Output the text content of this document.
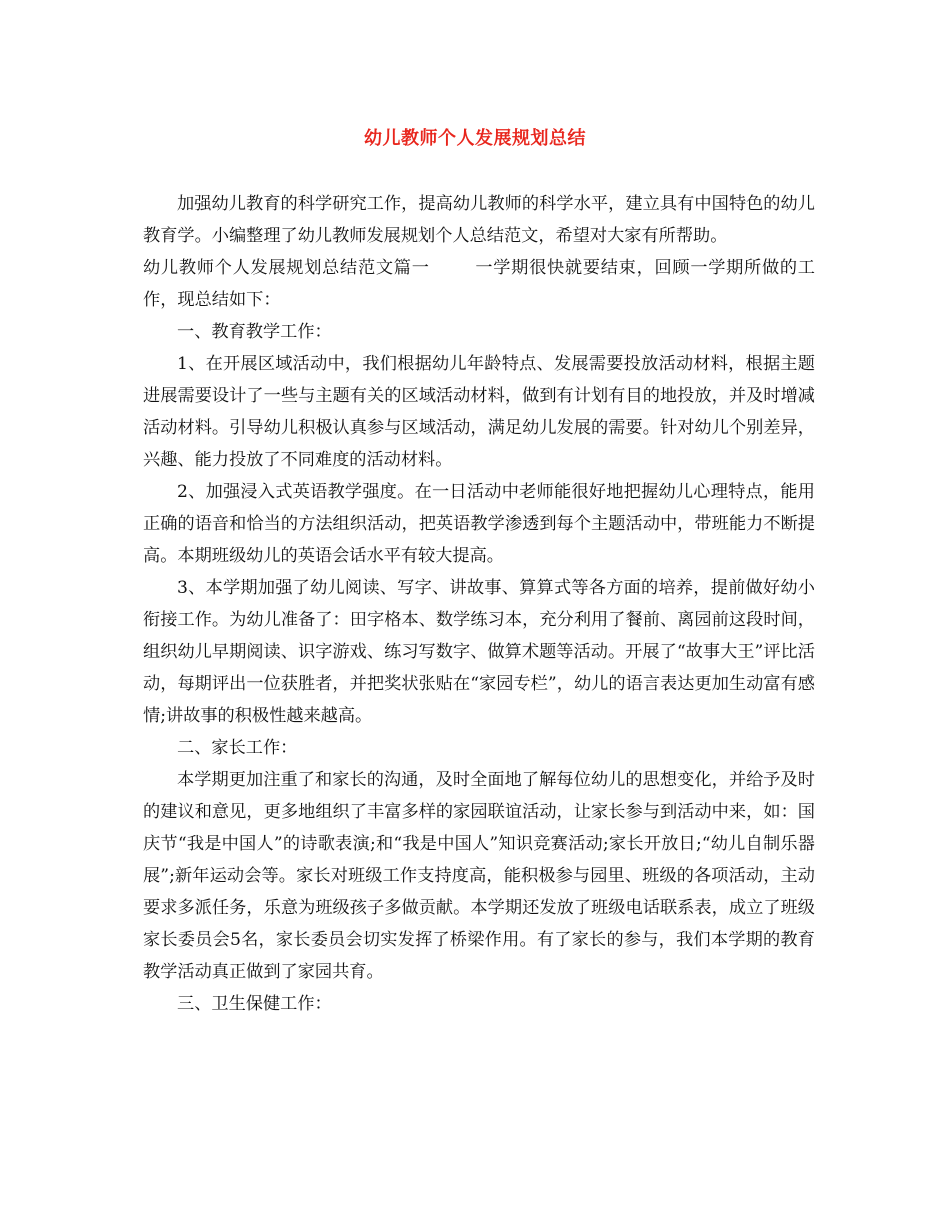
幼儿教师个人发展规划总结

加强幼儿教育的科学研究工作，提高幼儿教师的科学水平，建立具有中国特色的幼儿教育学。小编整理了幼儿教师发展规划个人总结范文，希望对大家有所帮助。

幼儿教师个人发展规划总结范文篇一	一学期很快就要结束，回顾一学期所做的工作，现总结如下：

一、教育教学工作：

1、在开展区域活动中，我们根据幼儿年龄特点、发展需要投放活动材料，根据主题进展需要设计了一些与主题有关的区域活动材料，做到有计划有目的地投放，并及时增减活动材料。引导幼儿积极认真参与区域活动，满足幼儿发展的需要。针对幼儿个别差异，兴趣、能力投放了不同难度的活动材料。

2、加强浸入式英语教学强度。在一日活动中老师能很好地把握幼儿心理特点，能用正确的语音和恰当的方法组织活动，把英语教学渗透到每个主题活动中，带班能力不断提高。本期班级幼儿的英语会话水平有较大提高。

3、本学期加强了幼儿阅读、写字、讲故事、算算式等各方面的培养，提前做好幼小衔接工作。为幼儿准备了：田字格本、数学练习本，充分利用了餐前、离园前这段时间，组织幼儿早期阅读、识字游戏、练习写数字、做算术题等活动。开展了“故事大王”评比活动，每期评出一位获胜者，并把奖状张贴在“家园专栏”，幼儿的语言表达更加生动富有感情;讲故事的积极性越来越高。

二、家长工作：

本学期更加注重了和家长的沟通，及时全面地了解每位幼儿的思想变化，并给予及时的建议和意见，更多地组织了丰富多样的家园联谊活动，让家长参与到活动中来，如：国庆节“我是中国人”的诗歌表演;和“我是中国人”知识竞赛活动;家长开放日;“幼儿自制乐器展”;新年运动会等。家长对班级工作支持度高，能积极参与园里、班级的各项活动，主动要求多派任务，乐意为班级孩子多做贡献。本学期还发放了班级电话联系表，成立了班级家长委员会5名，家长委员会切实发挥了桥梁作用。有了家长的参与，我们本学期的教育教学活动真正做到了家园共育。

三、卫生保健工作：
